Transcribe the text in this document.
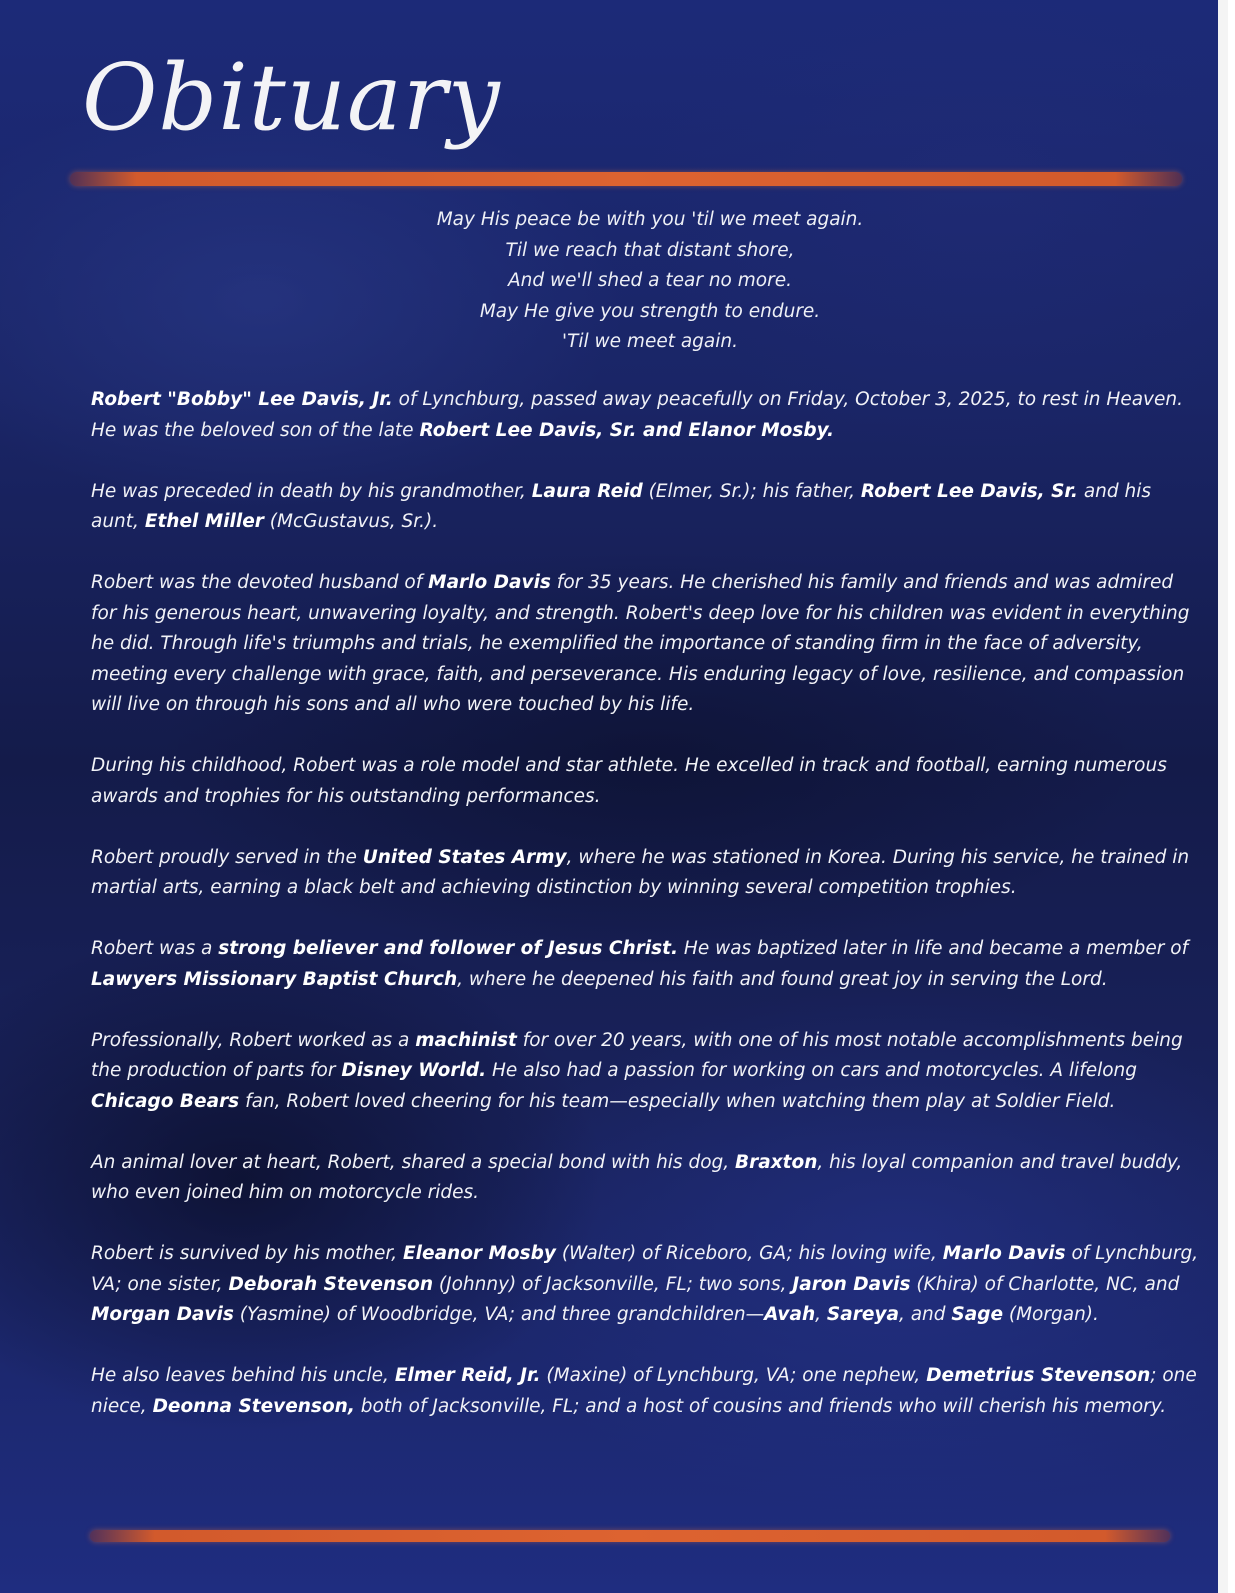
Obituary
May His peace be with you 'til we meet again.
Til we reach that distant shore,
And we'll shed a tear no more.
May He give you strength to endure.
'Til we meet again.

Robert "Bobby" Lee Davis, Jr. of Lynchburg, passed away peacefully on Friday, October 3, 2025, to rest in Heaven. He was the beloved son of the late Robert Lee Davis, Sr. and Elanor Mosby.

He was preceded in death by his grandmother, Laura Reid (Elmer, Sr.); his father, Robert Lee Davis, Sr. and his aunt, Ethel Miller (McGustavus, Sr.).

Robert was the devoted husband of Marlo Davis for 35 years. He cherished his family and friends and was admired for his generous heart, unwavering loyalty, and strength. Robert's deep love for his children was evident in everything he did. Through life's triumphs and trials, he exemplified the importance of standing firm in the face of adversity, meeting every challenge with grace, faith, and perseverance. His enduring legacy of love, resilience, and compassion will live on through his sons and all who were touched by his life.

During his childhood, Robert was a role model and star athlete. He excelled in track and football, earning numerous awards and trophies for his outstanding performances.

Robert proudly served in the United States Army, where he was stationed in Korea. During his service, he trained in martial arts, earning a black belt and achieving distinction by winning several competition trophies.

Robert was a strong believer and follower of Jesus Christ. He was baptized later in life and became a member of Lawyers Missionary Baptist Church, where he deepened his faith and found great joy in serving the Lord.

Professionally, Robert worked as a machinist for over 20 years, with one of his most notable accomplishments being the production of parts for Disney World. He also had a passion for working on cars and motorcycles. A lifelong Chicago Bears fan, Robert loved cheering for his team—especially when watching them play at Soldier Field.

An animal lover at heart, Robert, shared a special bond with his dog, Braxton, his loyal companion and travel buddy, who even joined him on motorcycle rides.

Robert is survived by his mother, Eleanor Mosby (Walter) of Riceboro, GA; his loving wife, Marlo Davis of Lynchburg, VA; one sister, Deborah Stevenson (Johnny) of Jacksonville, FL; two sons, Jaron Davis (Khira) of Charlotte, NC, and Morgan Davis (Yasmine) of Woodbridge, VA; and three grandchildren—Avah, Sareya, and Sage (Morgan).

He also leaves behind his uncle, Elmer Reid, Jr. (Maxine) of Lynchburg, VA; one nephew, Demetrius Stevenson; one niece, Deonna Stevenson, both of Jacksonville, FL; and a host of cousins and friends who will cherish his memory.
